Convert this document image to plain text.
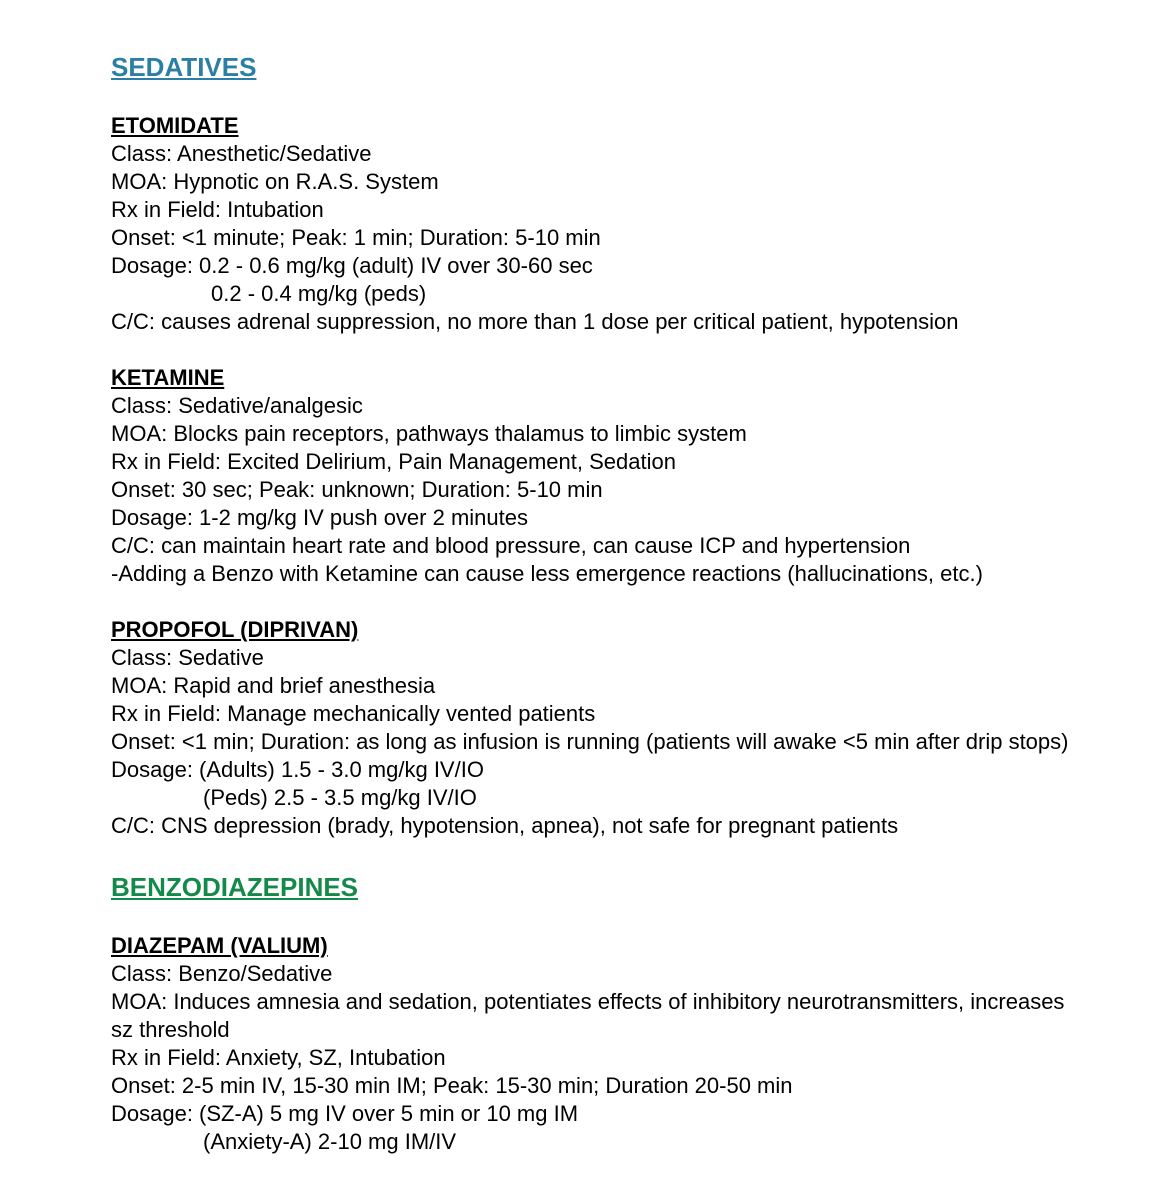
SEDATIVES
ETOMIDATE
Class: Anesthetic/Sedative
MOA: Hypnotic on R.A.S. System
Rx in Field: Intubation
Onset: <1 minute; Peak: 1 min; Duration: 5-10 min
Dosage: 0.2 - 0.6 mg/kg (adult) IV over 30-60 sec
0.2 - 0.4 mg/kg (peds)
C/C: causes adrenal suppression, no more than 1 dose per critical patient, hypotension
KETAMINE
Class: Sedative/analgesic
MOA: Blocks pain receptors, pathways thalamus to limbic system
Rx in Field: Excited Delirium, Pain Management, Sedation
Onset: 30 sec; Peak: unknown; Duration: 5-10 min
Dosage: 1-2 mg/kg IV push over 2 minutes
C/C: can maintain heart rate and blood pressure, can cause ICP and hypertension
-Adding a Benzo with Ketamine can cause less emergence reactions (hallucinations, etc.)
PROPOFOL (DIPRIVAN)
Class: Sedative
MOA: Rapid and brief anesthesia
Rx in Field: Manage mechanically vented patients
Onset: <1 min; Duration: as long as infusion is running (patients will awake <5 min after drip stops)
Dosage: (Adults) 1.5 - 3.0 mg/kg IV/IO
(Peds) 2.5 - 3.5 mg/kg IV/IO
C/C: CNS depression (brady, hypotension, apnea), not safe for pregnant patients
BENZODIAZEPINES
DIAZEPAM (VALIUM)
Class: Benzo/Sedative
MOA: Induces amnesia and sedation, potentiates effects of inhibitory neurotransmitters, increases sz threshold
Rx in Field: Anxiety, SZ, Intubation
Onset: 2-5 min IV, 15-30 min IM; Peak: 15-30 min; Duration 20-50 min
Dosage: (SZ-A) 5 mg IV over 5 min or 10 mg IM
(Anxiety-A) 2-10 mg IM/IV
